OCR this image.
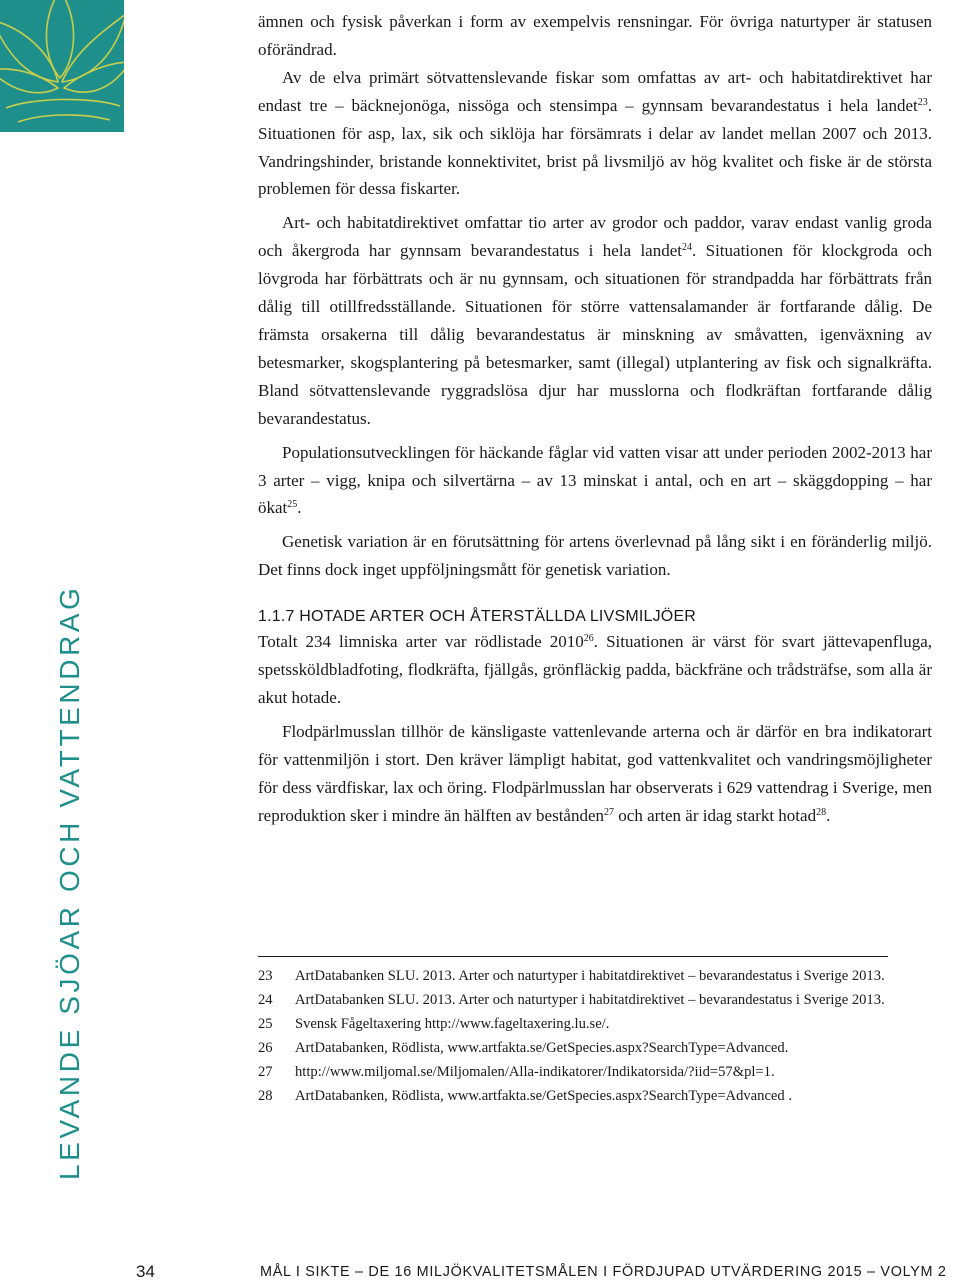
LEVANDE SJÖAR OCH VATTENDRAG

ämnen och fysisk påverkan i form av exempelvis rensningar. För övriga naturtyper är statusen oförändrad.

Av de elva primärt sötvattenslevande fiskar som omfattas av art- och habitatdirektivet har endast tre – bäcknejonöga, nissöga och stensimpa – gynnsam bevarandestatus i hela landet$^{23}$. Situationen för asp, lax, sik och siklöja har försämrats i delar av landet mellan 2007 och 2013. Vandringshinder, bristande konnektivitet, brist på livsmiljö av hög kvalitet och fiske är de största problemen för dessa fiskarter.

Art- och habitatdirektivet omfattar tio arter av grodor och paddor, varav endast vanlig groda och åkergroda har gynnsam bevarandestatus i hela landet$^{24}$. Situationen för klockgroda och lövgroda har förbättrats och är nu gynnsam, och situationen för strandpadda har förbättrats från dålig till otillfredsställande. Situationen för större vattensalamander är fortfarande dålig. De främsta orsakerna till dålig bevarandestatus är minskning av småvatten, igenväxning av betesmarker, skogsplantering på betesmarker, samt (illegal) utplantering av fisk och signalkräfta. Bland sötvattenslevande ryggradslösa djur har musslorna och flodkräftan fortfarande dålig bevarandestatus.

Populationsutvecklingen för häckande fåglar vid vatten visar att under perioden 2002-2013 har 3 arter – vigg, knipa och silvertärna – av 13 minskat i antal, och en art – skäggdopping – har ökat$^{25}$.

Genetisk variation är en förutsättning för artens överlevnad på lång sikt i en föränderlig miljö. Det finns dock inget uppföljningsmått för genetisk variation.

1.1.7 HOTADE ARTER OCH ÅTERSTÄLLDA LIVSMILJÖER

Totalt 234 limniska arter var rödlistade 2010$^{26}$. Situationen är värst för svart jättevapenfluga, spetssköldbladfoting, flodkräfta, fjällgås, grönfläckig padda, bäckfräne och trådsträfse, som alla är akut hotade.

Flodpärlmusslan tillhör de känsligaste vattenlevande arterna och är därför en bra indikatorart för vattenmiljön i stort. Den kräver lämpligt habitat, god vattenkvalitet och vandringsmöjligheter för dess värdfiskar, lax och öring. Flodpärlmusslan har observerats i 629 vattendrag i Sverige, men reproduktion sker i mindre än hälften av bestånden$^{27}$ och arten är idag starkt hotad$^{28}$.

23	ArtDatabanken SLU. 2013. Arter och naturtyper i habitatdirektivet – bevarandestatus i Sverige 2013.
24	ArtDatabanken SLU. 2013. Arter och naturtyper i habitatdirektivet – bevarandestatus i Sverige 2013.
25	Svensk Fågeltaxering http://www.fageltaxering.lu.se/.
26	ArtDatabanken, Rödlista, www.artfakta.se/GetSpecies.aspx?SearchType=Advanced.
27	http://www.miljomal.se/Miljomalen/Alla-indikatorer/Indikatorsida/?iid=57&pl=1.
28	ArtDatabanken, Rödlista, www.artfakta.se/GetSpecies.aspx?SearchType=Advanced .
34	MÅL I SIKTE – DE 16 MILJÖKVALITETSMÅLEN I FÖRDJUPAD UTVÄRDERING 2015 – VOLYM 2
